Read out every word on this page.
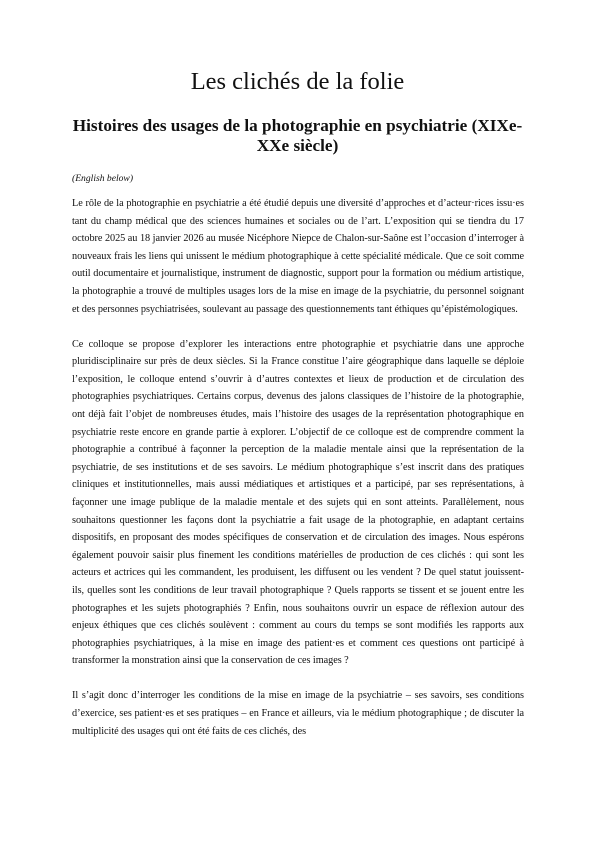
Les clichés de la folie
Histoires des usages de la photographie en psychiatrie (XIXe-XXe siècle)

(English below)

Le rôle de la photographie en psychiatrie a été étudié depuis une diversité d’approches et d’acteur·rices issu·es tant du champ médical que des sciences humaines et sociales ou de l’art. L’exposition qui se tiendra du 17 octobre 2025 au 18 janvier 2026 au musée Nicéphore Niepce de Chalon-sur-Saône est l’occasion d’interroger à nouveaux frais les liens qui unissent le médium photographique à cette spécialité médicale. Que ce soit comme outil documentaire et journalistique, instrument de diagnostic, support pour la formation ou médium artistique, la photographie a trouvé de multiples usages lors de la mise en image de la psychiatrie, du personnel soignant et des personnes psychiatrisées, soulevant au passage des questionnements tant éthiques qu’épistémologiques.

Ce colloque se propose d’explorer les interactions entre photographie et psychiatrie dans une approche pluridisciplinaire sur près de deux siècles. Si la France constitue l’aire géographique dans laquelle se déploie l’exposition, le colloque entend s’ouvrir à d’autres contextes et lieux de production et de circulation des photographies psychiatriques. Certains corpus, devenus des jalons classiques de l’histoire de la photographie, ont déjà fait l’objet de nombreuses études, mais l’histoire des usages de la représentation photographique en psychiatrie reste encore en grande partie à explorer. L’objectif de ce colloque est de comprendre comment la photographie a contribué à façonner la perception de la maladie mentale ainsi que la représentation de la psychiatrie, de ses institutions et de ses savoirs. Le médium photographique s’est inscrit dans des pratiques cliniques et institutionnelles, mais aussi médiatiques et artistiques et a participé, par ses représentations, à façonner une image publique de la maladie mentale et des sujets qui en sont atteints. Parallèlement, nous souhaitons questionner les façons dont la psychiatrie a fait usage de la photographie, en adaptant certains dispositifs, en proposant des modes spécifiques de conservation et de circulation des images. Nous espérons également pouvoir saisir plus finement les conditions matérielles de production de ces clichés : qui sont les acteurs et actrices qui les commandent, les produisent, les diffusent ou les vendent ? De quel statut jouissent-ils, quelles sont les conditions de leur travail photographique ? Quels rapports se tissent et se jouent entre les photographes et les sujets photographiés ? Enfin, nous souhaitons ouvrir un espace de réflexion autour des enjeux éthiques que ces clichés soulèvent : comment au cours du temps se sont modifiés les rapports aux photographies psychiatriques, à la mise en image des patient·es et comment ces questions ont participé à transformer la monstration ainsi que la conservation de ces images ?

Il s’agit donc d’interroger les conditions de la mise en image de la psychiatrie – ses savoirs, ses conditions d’exercice, ses patient·es et ses pratiques – en France et ailleurs, via le médium photographique ; de discuter la multiplicité des usages qui ont été faits de ces clichés, des
